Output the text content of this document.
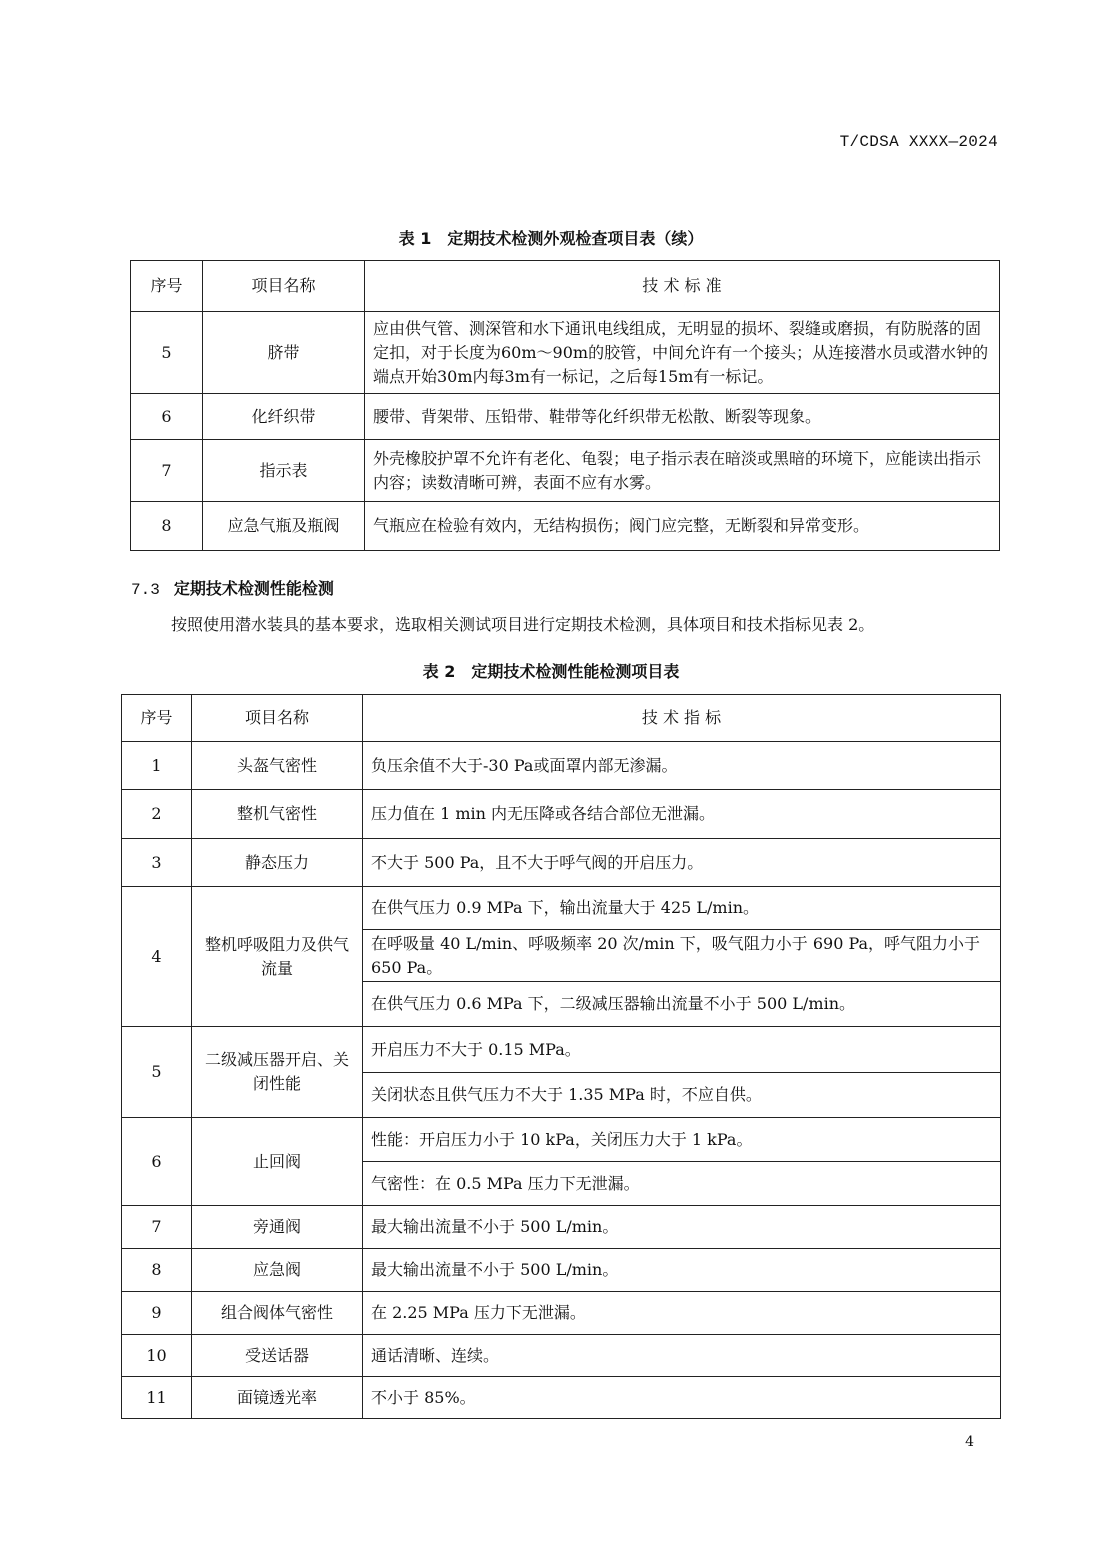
T/CDSA XXXX—2024
表 1　定期技术检测外观检查项目表（续）
序号	项目名称	技 术 标 准
5	脐带	应由供气管、测深管和水下通讯电线组成，无明显的损坏、裂缝或磨损，有防脱落的固定扣，对于长度为60m～90m的胶管，中间允许有一个接头；从连接潜水员或潜水钟的端点开始30m内每3m有一标记，之后每15m有一标记。
6	化纤织带	腰带、背架带、压铅带、鞋带等化纤织带无松散、断裂等现象。
7	指示表	外壳橡胶护罩不允许有老化、龟裂；电子指示表在暗淡或黑暗的环境下，应能读出指示内容；读数清晰可辨，表面不应有水雾。
8	应急气瓶及瓶阀	气瓶应在检验有效内，无结构损伤；阀门应完整，无断裂和异常变形。
7.3 定期技术检测性能检测
按照使用潜水装具的基本要求，选取相关测试项目进行定期技术检测，具体项目和技术指标见表 2。
表 2　定期技术检测性能检测项目表
序号	项目名称	技 术 指 标
1	头盔气密性	负压余值不大于-30 Pa或面罩内部无渗漏。
2	整机气密性	压力值在 1 min 内无压降或各结合部位无泄漏。
3	静态压力	不大于 500 Pa，且不大于呼气阀的开启压力。
4	整机呼吸阻力及供气流量	在供气压力 0.9 MPa 下，输出流量大于 425 L/min。
		在呼吸量 40 L/min、呼吸频率 20 次/min 下，吸气阻力小于 690 Pa，呼气阻力小于 650 Pa。
		在供气压力 0.6 MPa 下，二级减压器输出流量不小于 500 L/min。
5	二级减压器开启、关闭性能	开启压力不大于 0.15 MPa。
		关闭状态且供气压力不大于 1.35 MPa 时，不应自供。
6	止回阀	性能：开启压力小于 10 kPa，关闭压力大于 1 kPa。
		气密性：在 0.5 MPa 压力下无泄漏。
7	旁通阀	最大输出流量不小于 500 L/min。
8	应急阀	最大输出流量不小于 500 L/min。
9	组合阀体气密性	在 2.25 MPa 压力下无泄漏。
10	受送话器	通话清晰、连续。
11	面镜透光率	不小于 85%。
4
